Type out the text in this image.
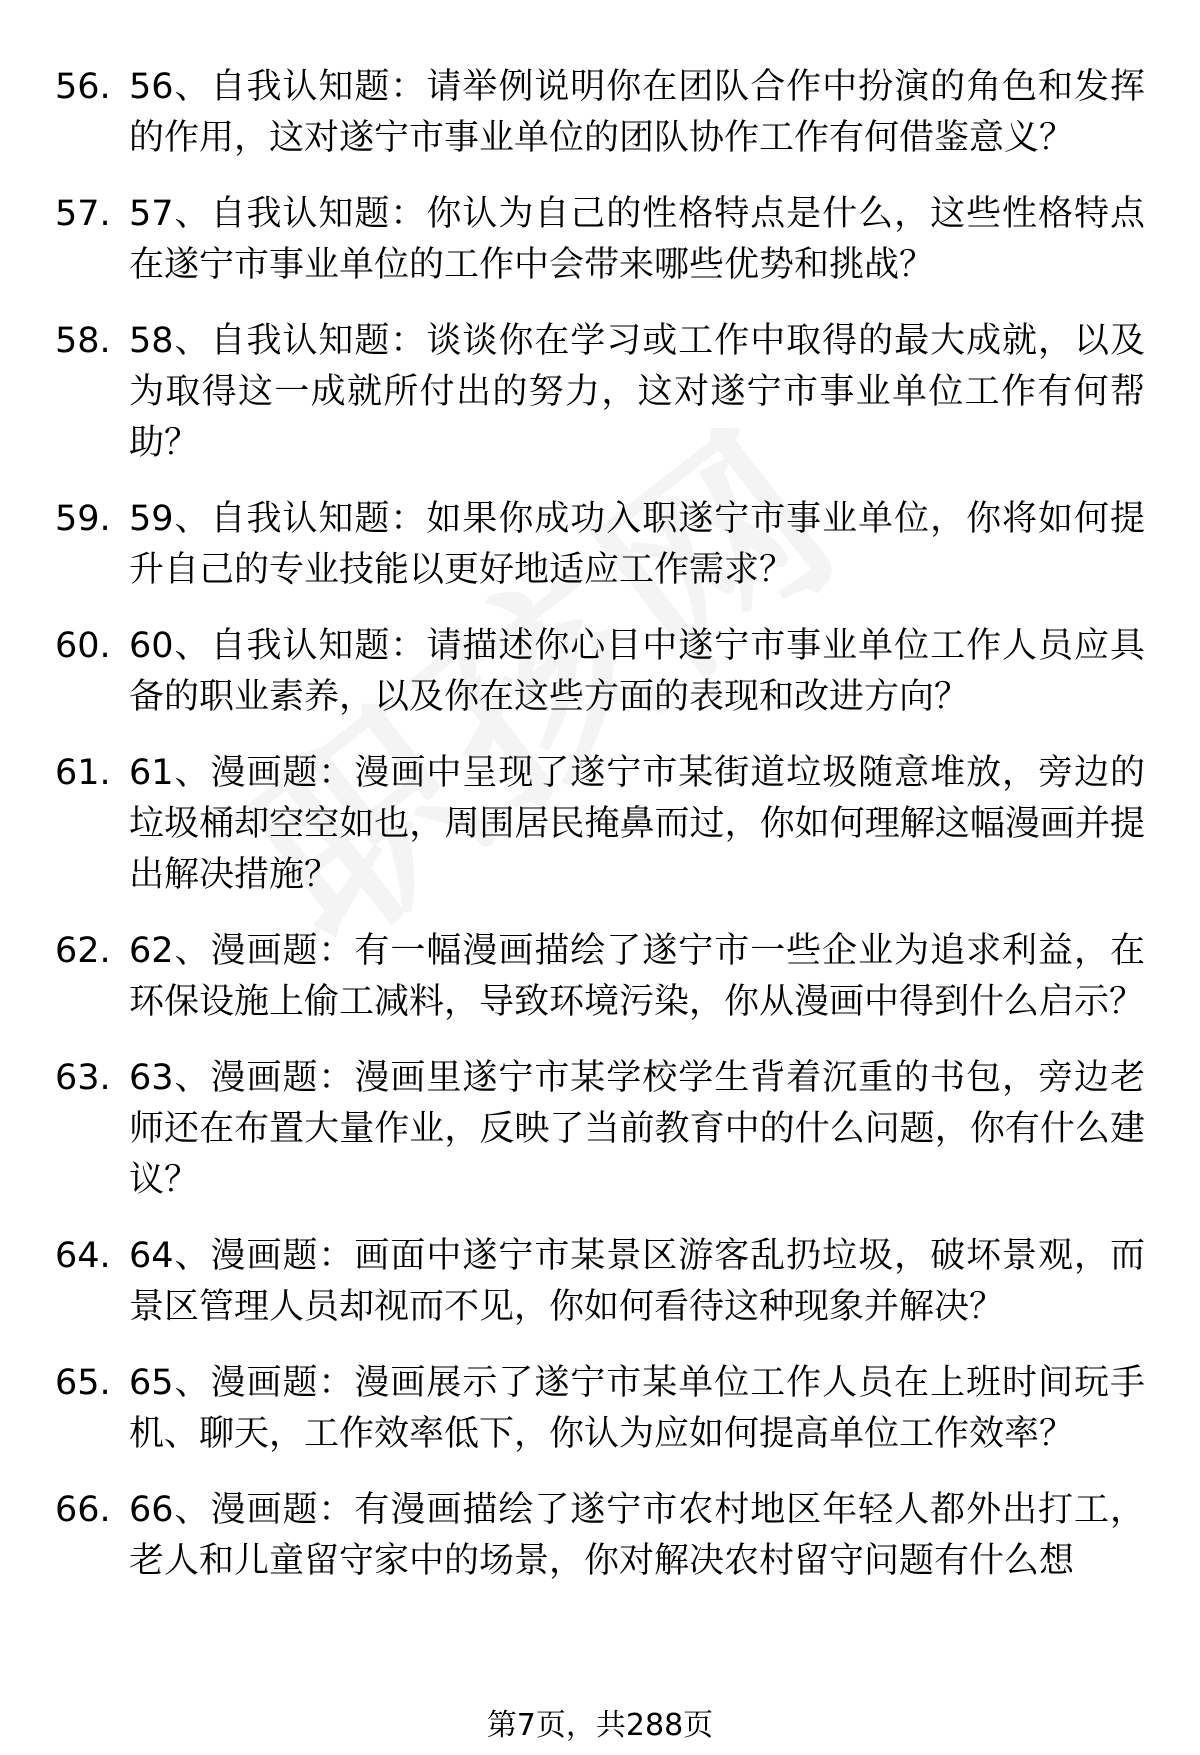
56. 56、自我认知题：请举例说明你在团队合作中扮演的角色和发挥的作用，这对遂宁市事业单位的团队协作工作有何借鉴意义？
57. 57、自我认知题：你认为自己的性格特点是什么，这些性格特点在遂宁市事业单位的工作中会带来哪些优势和挑战？
58. 58、自我认知题：谈谈你在学习或工作中取得的最大成就，以及为取得这一成就所付出的努力，这对遂宁市事业单位工作有何帮助？
59. 59、自我认知题：如果你成功入职遂宁市事业单位，你将如何提升自己的专业技能以更好地适应工作需求？
60. 60、自我认知题：请描述你心目中遂宁市事业单位工作人员应具备的职业素养，以及你在这些方面的表现和改进方向？
61. 61、漫画题：漫画中呈现了遂宁市某街道垃圾随意堆放，旁边的垃圾桶却空空如也，周围居民掩鼻而过，你如何理解这幅漫画并提出解决措施？
62. 62、漫画题：有一幅漫画描绘了遂宁市一些企业为追求利益，在环保设施上偷工减料，导致环境污染，你从漫画中得到什么启示？
63. 63、漫画题：漫画里遂宁市某学校学生背着沉重的书包，旁边老师还在布置大量作业，反映了当前教育中的什么问题，你有什么建议？
64. 64、漫画题：画面中遂宁市某景区游客乱扔垃圾，破坏景观，而景区管理人员却视而不见，你如何看待这种现象并解决？
65. 65、漫画题：漫画展示了遂宁市某单位工作人员在上班时间玩手机、聊天，工作效率低下，你认为应如何提高单位工作效率？
66. 66、漫画题：有漫画描绘了遂宁市农村地区年轻人都外出打工，老人和儿童留守家中的场景，你对解决农村留守问题有什么想
第7页，共288页
